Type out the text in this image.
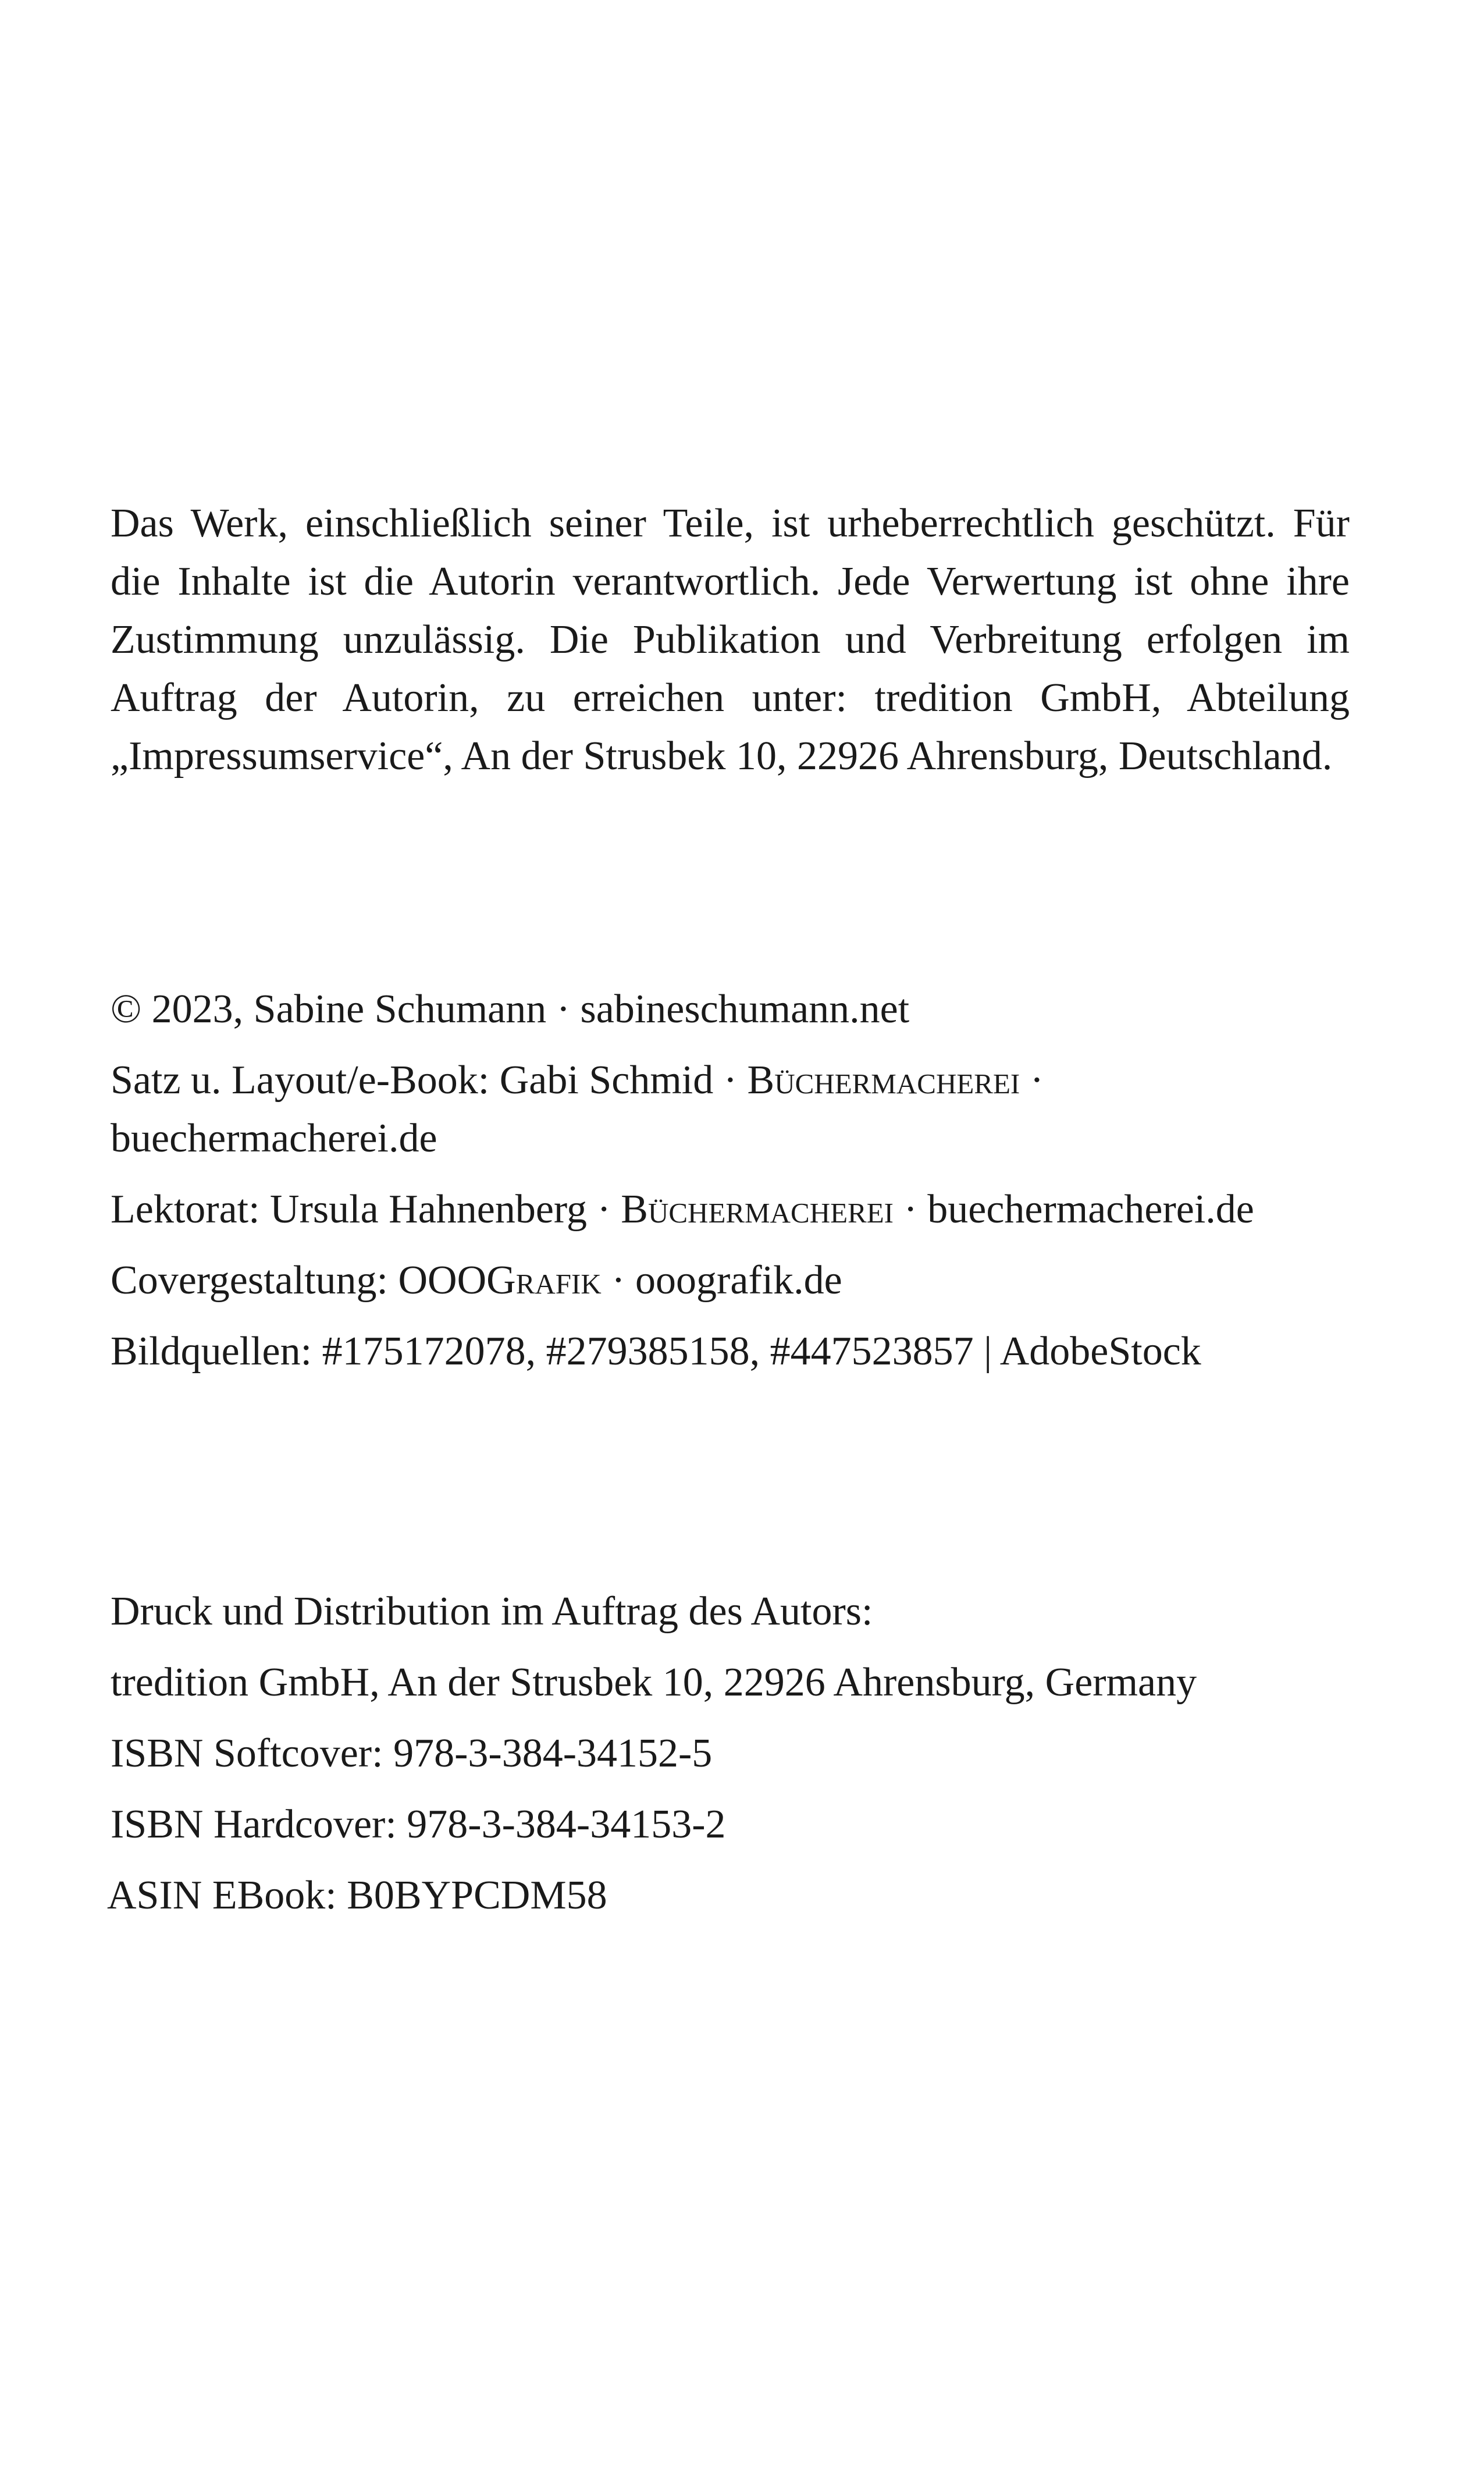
Das Werk, einschließlich seiner Teile, ist urheberrechtlich geschützt. Für die Inhalte ist die Autorin verantwortlich. Jede Verwertung ist ohne ihre Zustimmung unzulässig. Die Publikation und Verbreitung erfolgen im Auftrag der Autorin, zu erreichen unter: tredition GmbH, Abteilung „Impressumservice“, An der Strusbek 10, 22926 Ahrensburg, Deutschland.

© 2023, Sabine Schumann · sabineschumann.net
Satz u. Layout/e-Book: Gabi Schmid · Büchermacherei · buechermacherei.de
Lektorat: Ursula Hahnenberg · Büchermacherei · buechermacherei.de
Covergestaltung: OOOGrafik · ooografik.de
Bildquellen: #175172078, #279385158, #447523857 | AdobeStock
Druck und Distribution im Auftrag des Autors:
tredition GmbH, An der Strusbek 10, 22926 Ahrensburg, Germany
ISBN Softcover: 978-3-384-34152-5
ISBN Hardcover: 978-3-384-34153-2
ASIN EBook: B0BYPCDM58
